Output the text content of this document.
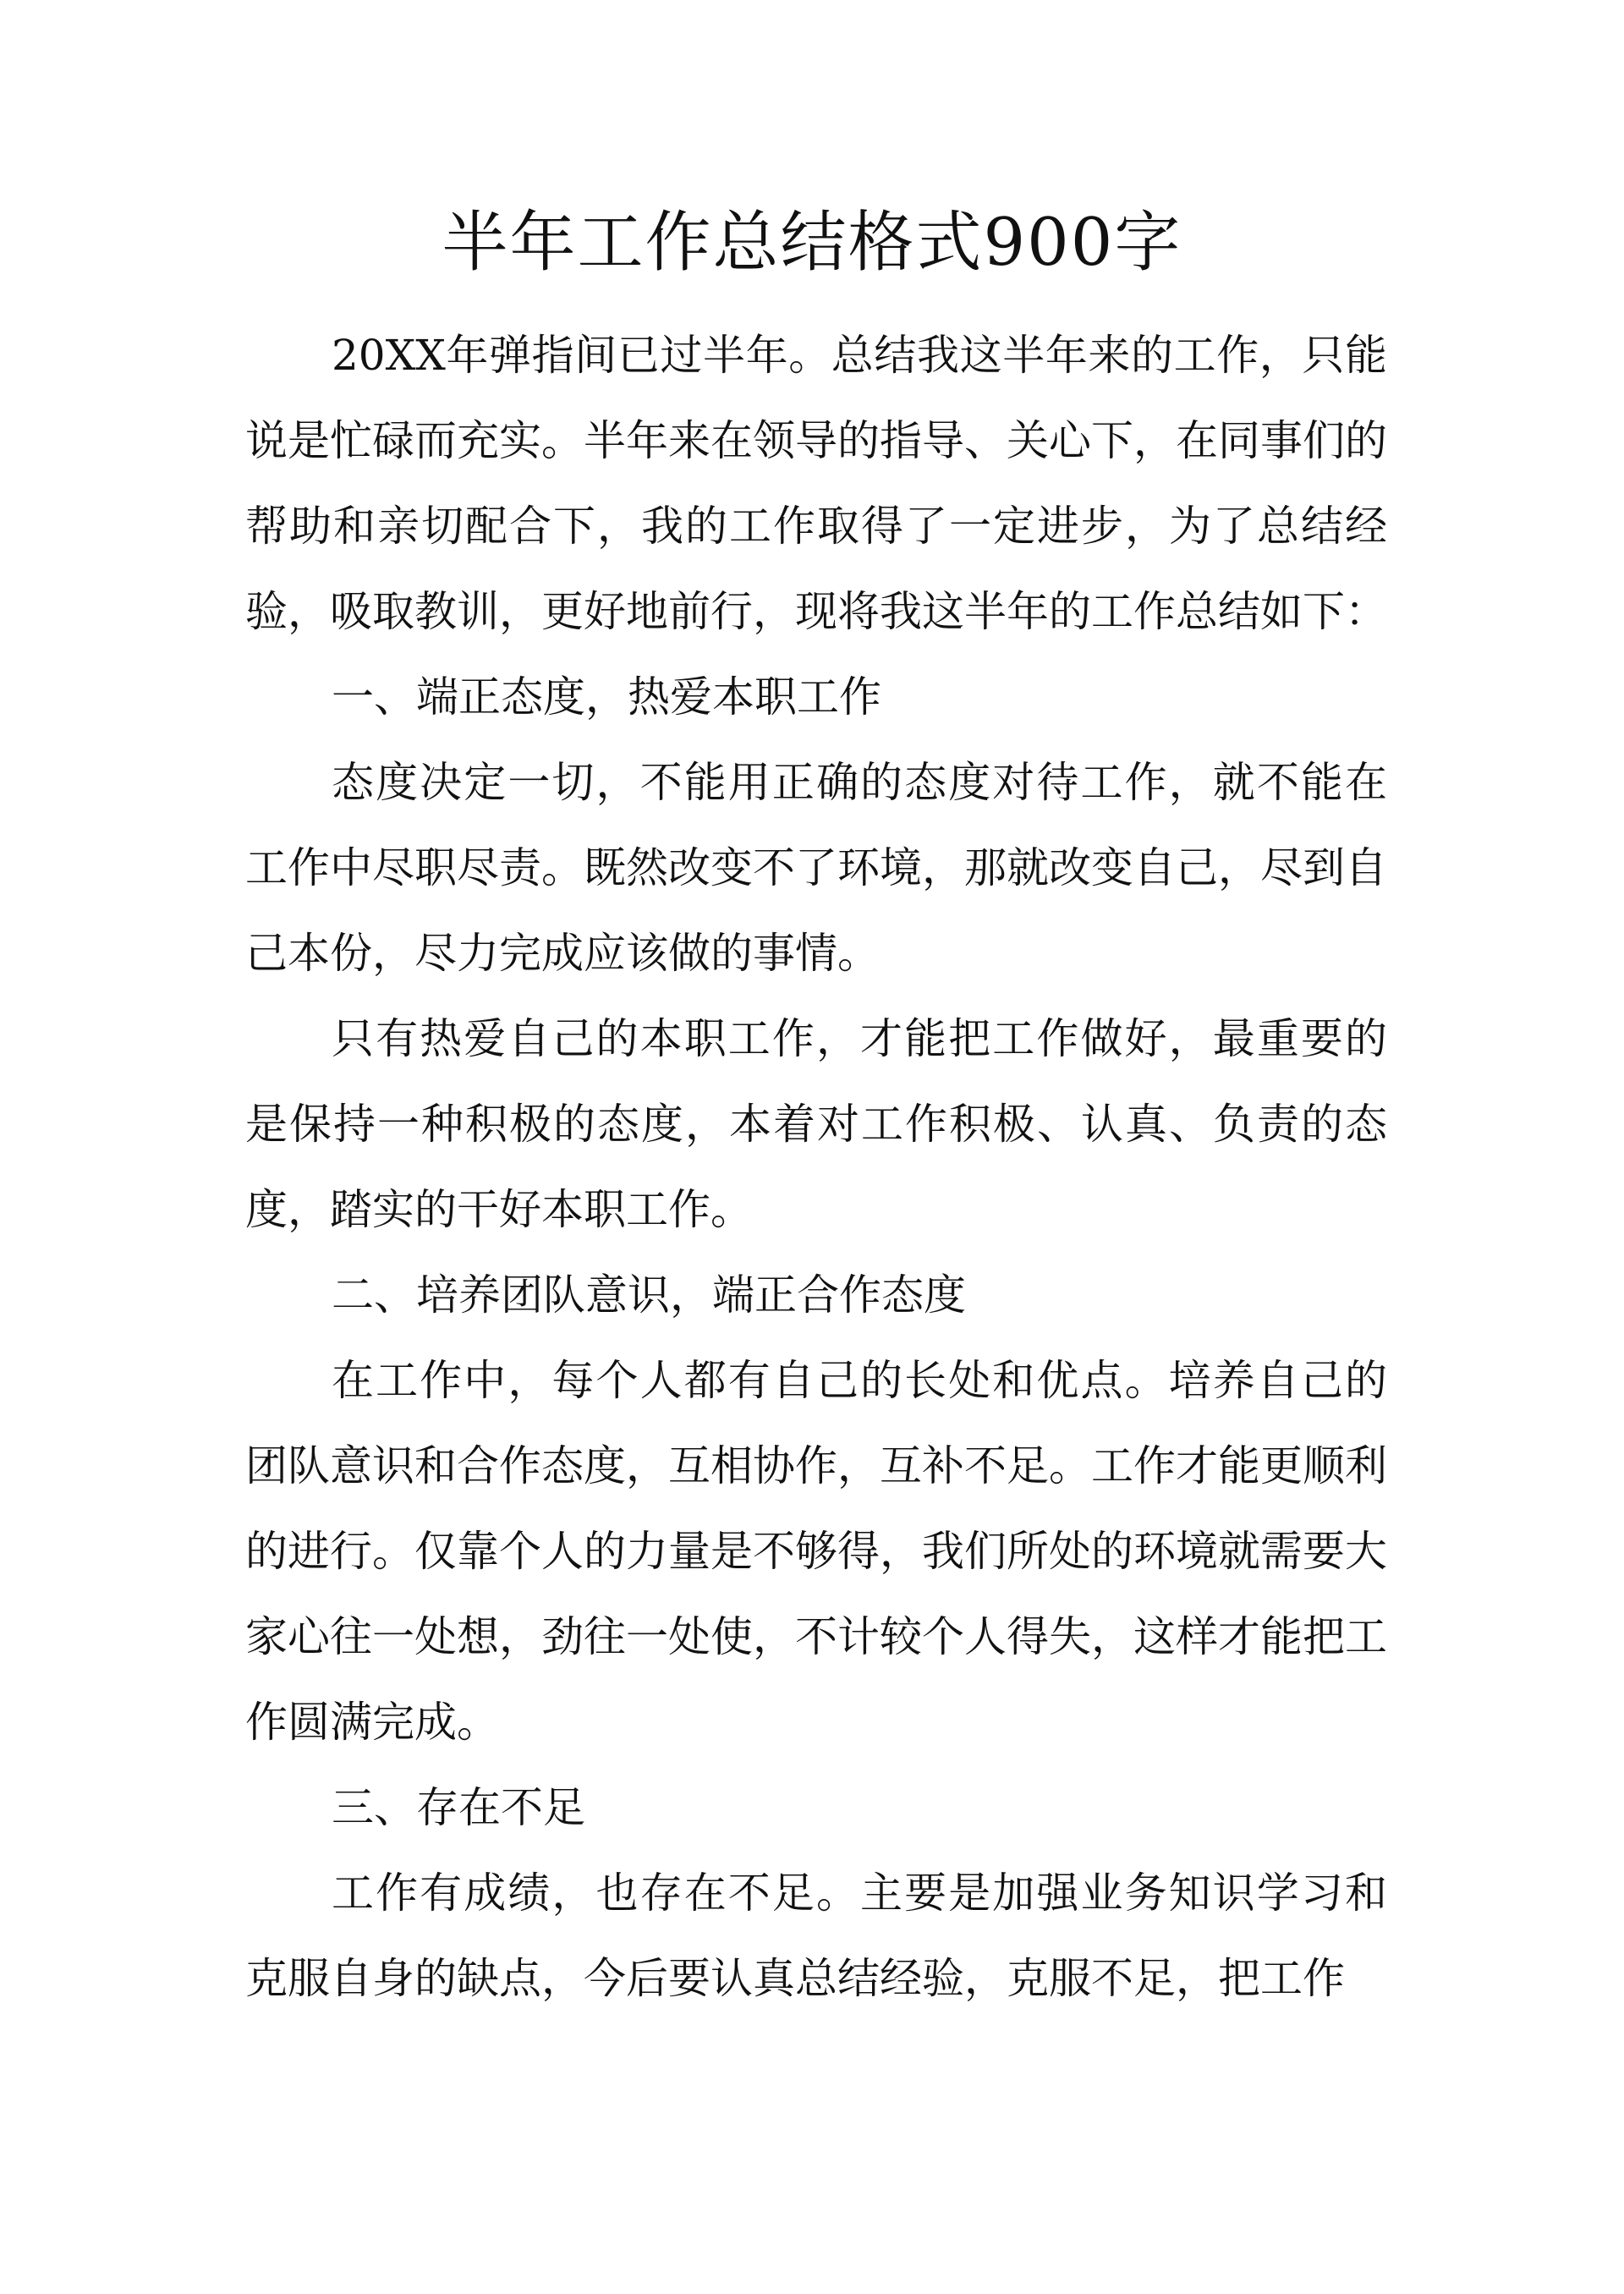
半年工作总结格式900字

20XX年弹指间已过半年。总结我这半年来的工作，只能说是忙碌而充实。半年来在领导的指导、关心下，在同事们的帮助和亲切配合下，我的工作取得了一定进步，为了总结经验，吸取教训，更好地前行，现将我这半年的工作总结如下：

一、端正态度，热爱本职工作

态度决定一切，不能用正确的态度对待工作，就不能在工作中尽职尽责。既然改变不了环境，那就改变自己，尽到自己本份，尽力完成应该做的事情。

只有热爱自己的本职工作，才能把工作做好，最重要的是保持一种积极的态度，本着对工作积极、认真、负责的态度，踏实的干好本职工作。

二、培养团队意识，端正合作态度

在工作中，每个人都有自己的长处和优点。培养自己的团队意识和合作态度，互相协作，互补不足。工作才能更顺利的进行。仅靠个人的力量是不够得，我们所处的环境就需要大家心往一处想，劲往一处使，不计较个人得失，这样才能把工作圆满完成。

三、存在不足

工作有成绩，也存在不足。主要是加强业务知识学习和克服自身的缺点，今后要认真总结经验，克服不足，把工作
